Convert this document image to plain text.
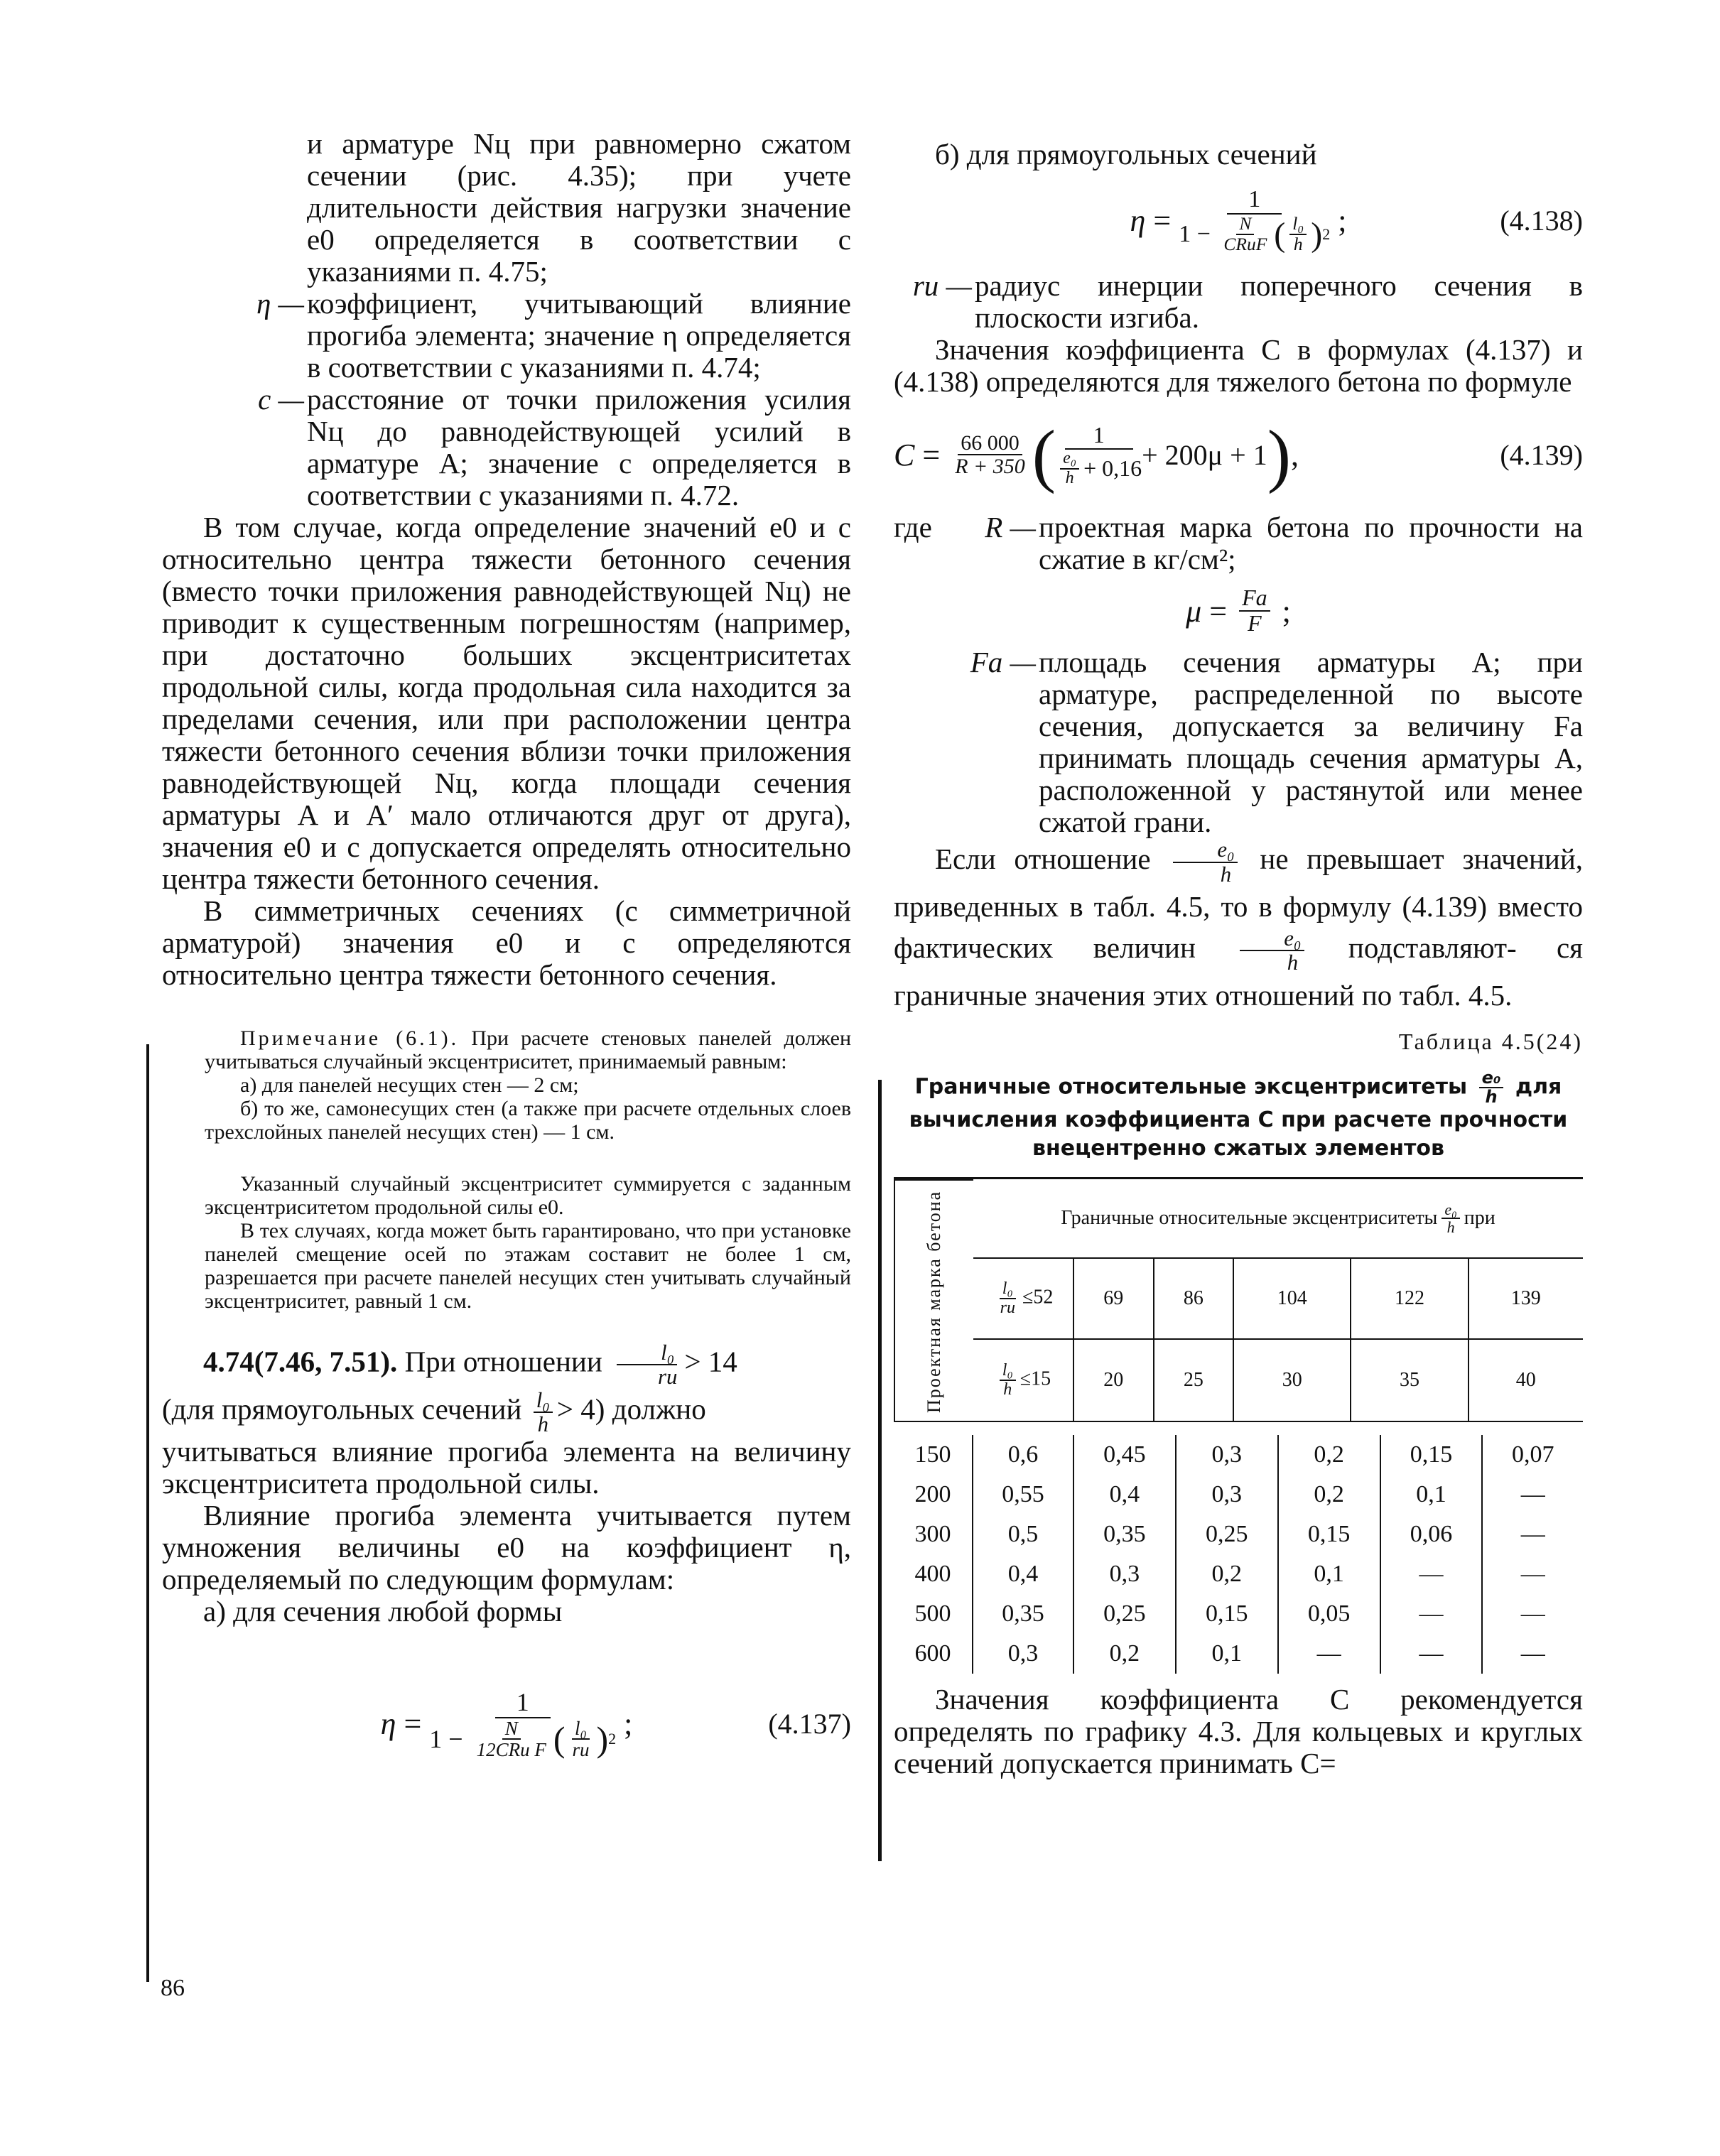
и арматуре Nц при равномерно сжатом сечении (рис. 4.35); при учете длительности действия нагрузки значение e0 определяется в соответствии с указаниями п. 4.75;
η — коэффициент, учитывающий влияние прогиба элемента; значение η определяется в соответствии с указаниями п. 4.74;
c — расстояние от точки приложения усилия Nц до равнодействующей усилий в арматуре A; значение c определяется в соответствии с указаниями п. 4.72.

В том случае, когда определение значений e0 и c относительно центра тяжести бетонного сечения (вместо точки приложения равнодействующей Nц) не приводит к существенным погрешностям (например, при достаточно больших эксцентриситетах продольной силы, когда продольная сила находится за пределами сечения, или при расположении центра тяжести бетонного сечения вблизи точки приложения равнодействующей Nц, когда площади сечения арматуры A и A′ мало отличаются друг от друга), значения e0 и c допускается определять относительно центра тяжести бетонного сечения.

В симметричных сечениях (с симметричной арматурой) значения e0 и c определяются относительно центра тяжести бетонного сечения.

Примечание (6.1). При расчете стеновых панелей должен учитываться случайный эксцентриситет, принимаемый равным:

а) для панелей несущих стен — 2 см;

б) то же, самонесущих стен (а также при расчете отдельных слоев трехслойных панелей несущих стен) — 1 см.

Указанный случайный эксцентриситет суммируется с заданным эксцентриситетом продольной силы e0.

В тех случаях, когда может быть гарантировано, что при установке панелей смещение осей по этажам составит не более 1 см, разрешается при расчете панелей несущих стен учитывать случайный эксцентриситет, равный 1 см.

4.74(7.46, 7.51). При отношении $\frac{\text{l₀}}{rи} > 14$

(для прямоугольных сечений $\frac{\text{l₀}}{h} > 4$) должно

учитываться влияние прогиба элемента на величину эксцентриситета продольной силы.

Влияние прогиба элемента учитывается путем умножения величины e0 на коэффициент η, определяемый по следующим формулам:

а) для сечения любой формы

η =
1
$1 - \frac{N}{\text{12CRи F}}$ ( $\frac{\text{l₀}}{rи}$ ) 2 ;	(4.137)

б) для прямоугольных сечений

η =
1
$1 - \frac{N}{\text{CRиF}}$ ( $\frac{\text{l₀}}{h}$ ) 2 ;	(4.138)
rи — радиус инерции поперечного сечения в плоскости изгиба.

Значения коэффициента C в формулах (4.137) и (4.138) определяются для тяжелого бетона по формуле

$C = \frac{66 000}{R + 350}$ (	1
$\frac{\text{e₀}}{h} + 0,16 + 200\mu + 1$ ) ,	(4.139)
где	R — проектная марка бетона по прочности на сжатие в кг/см²;
$\mu = \frac{Fa}{F}$ ;
Fa — площадь сечения арматуры A; при арматуре, распределенной по высоте сечения, допускается за величину Fa принимать площадь сечения арматуры A, расположенной у растянутой или менее сжатой грани.

Если отношение $\frac{\text{e₀}}{h}$ не превышает значений, приведенных в табл. 4.5, то в формулу (4.139) вместо фактических величин $\frac{\text{e₀}}{h}$ подставляют- ся граничные значения этих отношений по табл. 4.5.

Таблица 4.5(24)

Граничные относительные эксцентриситеты $\frac{\text{e₀}}{h}$ для
вычисления коэффициента C при расчете прочности внецентренно сжатых элементов
Проектная марка бетона	Граничные относительные эксцентриситеты $\frac{\text{e₀}}{h}$ при
$\frac{\text{l₀}}{rи} \le 52$	69	86	104	122	139

$\frac{\text{l₀}}{h} \le 15$	20	25	30	35	40
150	0,6	0,45	0,3	0,2	0,15	0,07
200	0,55	0,4	0,3	0,2	0,1	—
300	0,5	0,35	0,25	0,15	0,06	—
400	0,4	0,3	0,2	0,1	—	—
500	0,35	0,25	0,15	0,05	—	—
600	0,3	0,2	0,1	—	—	—

Значения коэффициента C рекомендуется определять по графику 4.3. Для кольцевых и круглых сечений допускается принимать C=

86
